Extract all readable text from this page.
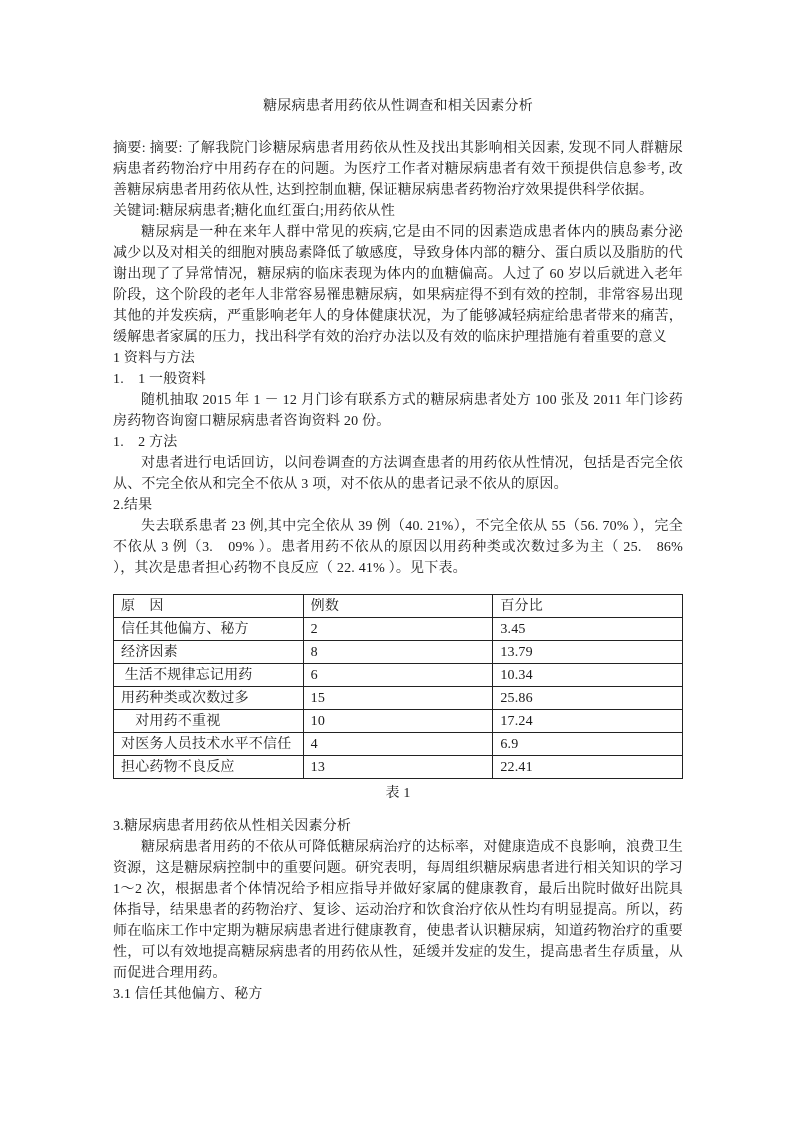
糖尿病患者用药依从性调查和相关因素分析

摘要: 摘要: 了解我院门诊糖尿病患者用药依从性及找出其影响相关因素, 发现不同人群糖尿病患者药物治疗中用药存在的问题。为医疗工作者对糖尿病患者有效干预提供信息参考, 改善糖尿病患者用药依从性, 达到控制血糖, 保证糖尿病患者药物治疗效果提供科学依据。

关键词:糖尿病患者;糖化血红蛋白;用药依从性

糖尿病是一种在来年人群中常见的疾病,它是由不同的因素造成患者体内的胰岛素分泌减少以及对相关的细胞对胰岛素降低了敏感度，导致身体内部的糖分、蛋白质以及脂肪的代谢出现了了异常情况，糖尿病的临床表现为体内的血糖偏高。人过了 60 岁以后就进入老年阶段，这个阶段的老年人非常容易罹患糖尿病，如果病症得不到有效的控制，非常容易出现其他的并发疾病，严重影响老年人的身体健康状况，为了能够减轻病症给患者带来的痛苦，缓解患者家属的压力，找出科学有效的治疗办法以及有效的临床护理措施有着重要的意义

1 资料与方法

1.　1 一般资料

随机抽取 2015 年 1 － 12 月门诊有联系方式的糖尿病患者处方 100 张及 2011 年门诊药房药物咨询窗口糖尿病患者咨询资料 20 份。

1.　2 方法

对患者进行电话回访，以问卷调查的方法调查患者的用药依从性情况，包括是否完全依从、不完全依从和完全不依从 3 项，对不依从的患者记录不依从的原因。

2.结果

失去联系患者 23 例,其中完全依从 39 例（40. 21%），不完全依从 55（56. 70% ），完全不依从 3 例（3.　09% ）。患者用药不依从的原因以用药种类或次数过多为主（ 25.　86% ），其次是患者担心药物不良反应（ 22. 41% ）。见下表。

原　因	例数	百分比
信任其他偏方、秘方	2	3.45
经济因素	8	13.79
生活不规律忘记用药	6	10.34
用药种类或次数过多	15	25.86
　对用药不重视	10	17.24
对医务人员技术水平不信任	4	6.9
担心药物不良反应	13	22.41
表 1

3.糖尿病患者用药依从性相关因素分析

糖尿病患者用药的不依从可降低糖尿病治疗的达标率，对健康造成不良影响，浪费卫生资源，这是糖尿病控制中的重要问题。研究表明，每周组织糖尿病患者进行相关知识的学习 1～2 次，根据患者个体情况给予相应指导并做好家属的健康教育，最后出院时做好出院具体指导，结果患者的药物治疗、复诊、运动治疗和饮食治疗依从性均有明显提高。所以，药师在临床工作中定期为糖尿病患者进行健康教育，使患者认识糖尿病，知道药物治疗的重要性，可以有效地提高糖尿病患者的用药依从性，延缓并发症的发生，提高患者生存质量，从而促进合理用药。

3.1 信任其他偏方、秘方
